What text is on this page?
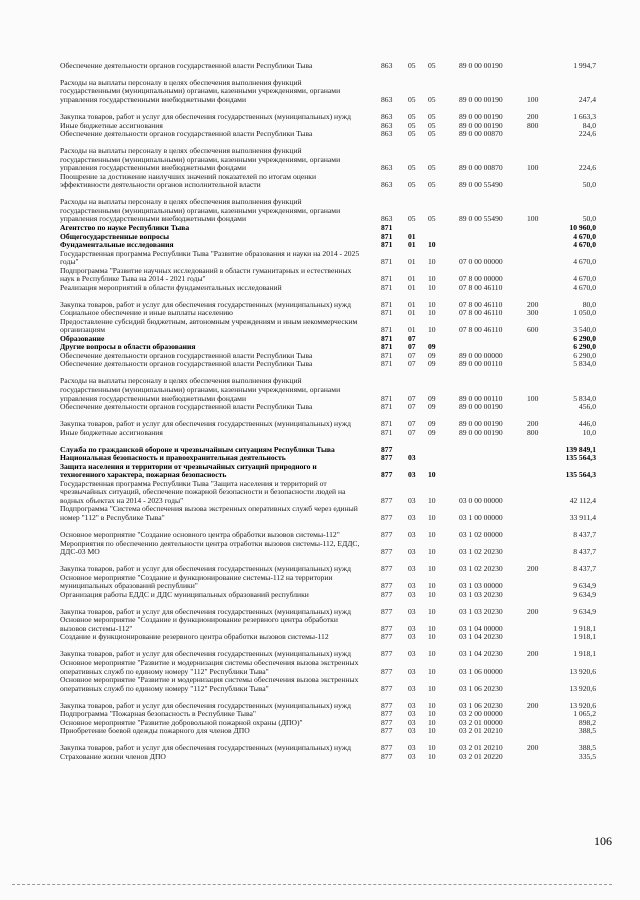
Обеспечение деятельности органов государственной власти Республики Тыва	863 05 05	89 0 00 00190	1 994,7
Расходы на выплаты персоналу в целях обеспечения выполнения функций государственными (муниципальными) органами, казенными учреждениями, органами управления государственными внебюджетными фондами	863 05 05	89 0 00 00190	100	247,4
Закупка товаров, работ и услуг для обеспечения государственных (муниципальных) нужд	863 05 05	89 0 00 00190	200	1 663,3
Иные бюджетные ассигнования	863 05 05	89 0 00 00190	800	84,0
Обеспечение деятельности органов государственной власти Республики Тыва	863 05 05	89 0 00 00870	224,6
Расходы на выплаты персоналу в целях обеспечения выполнения функций государственными (муниципальными) органами, казенными учреждениями, органами управления государственными внебюджетными фондами	863 05 05	89 0 00 00870	100	224,6
Поощрение за достижение наилучших значений показателей по итогам оценки эффективности деятельности органов исполнительной власти	863 05 05	89 0 00 55490	50,0
Расходы на выплаты персоналу в целях обеспечения выполнения функций государственными (муниципальными) органами, казенными учреждениями, органами управления государственными внебюджетными фондами	863 05 05	89 0 00 55490	100	50,0
Агентство по науке Республики Тыва	871	10 960,0
Общегосударственные вопросы	871 01	4 670,0
Фундаментальные исследования	871 01 10	4 670,0
Государственная программа Республики Тыва "Развитие образования и науки на 2014 - 2025 годы"	871 01 10	07 0 00 00000	4 670,0
Подпрограмма "Развитие научных исследований в области гуманитарных и естественных наук в Республике Тыва на 2014 - 2021 годы"	871 01 10	07 8 00 00000	4 670,0
Реализация мероприятий в области фундаментальных исследований	871 01 10	07 8 00 46110	4 670,0
Закупка товаров, работ и услуг для обеспечения государственных (муниципальных) нужд	871 01 10	07 8 00 46110	200	80,0
Социальное обеспечение и иные выплаты населению	871 01 10	07 8 00 46110	300	1 050,0
Предоставление субсидий бюджетным, автономным учреждениям и иным некоммерческим организациям	871 01 10	07 8 00 46110	600	3 540,0
Образование	871 07	6 290,0
Другие вопросы в области образования	871 07 09	6 290,0
Обеспечение деятельности органов государственной власти Республики Тыва	871 07 09	89 0 00 00000	6 290,0
Обеспечение деятельности органов государственной власти Республики Тыва	871 07 09	89 0 00 00110	5 834,0
Расходы на выплаты персоналу в целях обеспечения выполнения функций государственными (муниципальными) органами, казенными учреждениями, органами управления государственными внебюджетными фондами	871 07 09	89 0 00 00110	100	5 834,0
Обеспечение деятельности органов государственной власти Республики Тыва	871 07 09	89 0 00 00190	456,0
Закупка товаров, работ и услуг для обеспечения государственных (муниципальных) нужд	871 07 09	89 0 00 00190	200	446,0
Иные бюджетные ассигнования	871 07 09	89 0 00 00190	800	10,0
Служба по гражданской обороне и чрезвычайным ситуациям Республики Тыва	877	139 849,1
Национальная безопасность и правоохранительная деятельность	877 03	135 564,3
Защита населения и территории от чрезвычайных ситуаций природного и техногенного характера, пожарная безопасность	877 03 10	135 564,3
Государственная программа Республики Тыва "Защита населения и территорий от чрезвычайных ситуаций, обеспечение пожарной безопасности и безопасности людей на водных объектах на 2014 - 2023 годы"	877 03 10	03 0 00 00000	42 112,4
Подпрограмма "Система обеспечения вызова экстренных оперативных служб через единый номер "112" в Республике Тыва"	877 03 10	03 1 00 00000	33 911,4
Основное мероприятие "Создание основного центра обработки вызовов системы-112"	877 03 10	03 1 02 00000	8 437,7
Мероприятия по обеспечению деятельности центра отработки вызовов системы-112, ЕДДС, ДДС-03 МО	877 03 10	03 1 02 20230	8 437,7
Закупка товаров, работ и услуг для обеспечения государственных (муниципальных) нужд	877 03 10	03 1 02 20230	200	8 437,7
Основное мероприятие "Создание и функционирование системы-112 на территории муниципальных образований республики"	877 03 10	03 1 03 00000	9 634,9
Организация работы ЕДДС и ДДС муниципальных образований республики	877 03 10	03 1 03 20230	9 634,9
Закупка товаров, работ и услуг для обеспечения государственных (муниципальных) нужд	877 03 10	03 1 03 20230	200	9 634,9
Основное мероприятие "Создание и функционирование резервного центра обработки вызовов системы-112"	877 03 10	03 1 04 00000	1 918,1
Создание и функционирование резервного центра обработки вызовов системы-112	877 03 10	03 1 04 20230	1 918,1
Закупка товаров, работ и услуг для обеспечения государственных (муниципальных) нужд	877 03 10	03 1 04 20230	200	1 918,1
Основное мероприятие "Развитие и модернизация системы обеспечения вызова экстренных оперативных служб по единому номеру "112" Республики Тыва"	877 03 10	03 1 06 00000	13 920,6
Основное мероприятие "Развитие и модернизация системы обеспечения вызова экстренных оперативных служб по единому номеру "112" Республики Тыва"	877 03 10	03 1 06 20230	13 920,6
Закупка товаров, работ и услуг для обеспечения государственных (муниципальных) нужд	877 03 10	03 1 06 20230	200	13 920,6
Подпрограмма "Пожарная безопасность в Республике Тыва"	877 03 10	03 2 00 00000	1 065,2
Основное мероприятие "Развитие добровольной пожарной охраны (ДПО)"	877 03 10	03 2 01 00000	898,2
Приобретение боевой одежды пожарного для членов ДПО	877 03 10	03 2 01 20210	388,5
Закупка товаров, работ и услуг для обеспечения государственных (муниципальных) нужд	877 03 10	03 2 01 20210	200	388,5
Страхование жизни членов ДПО	877 03 10	03 2 01 20220	335,5
106
